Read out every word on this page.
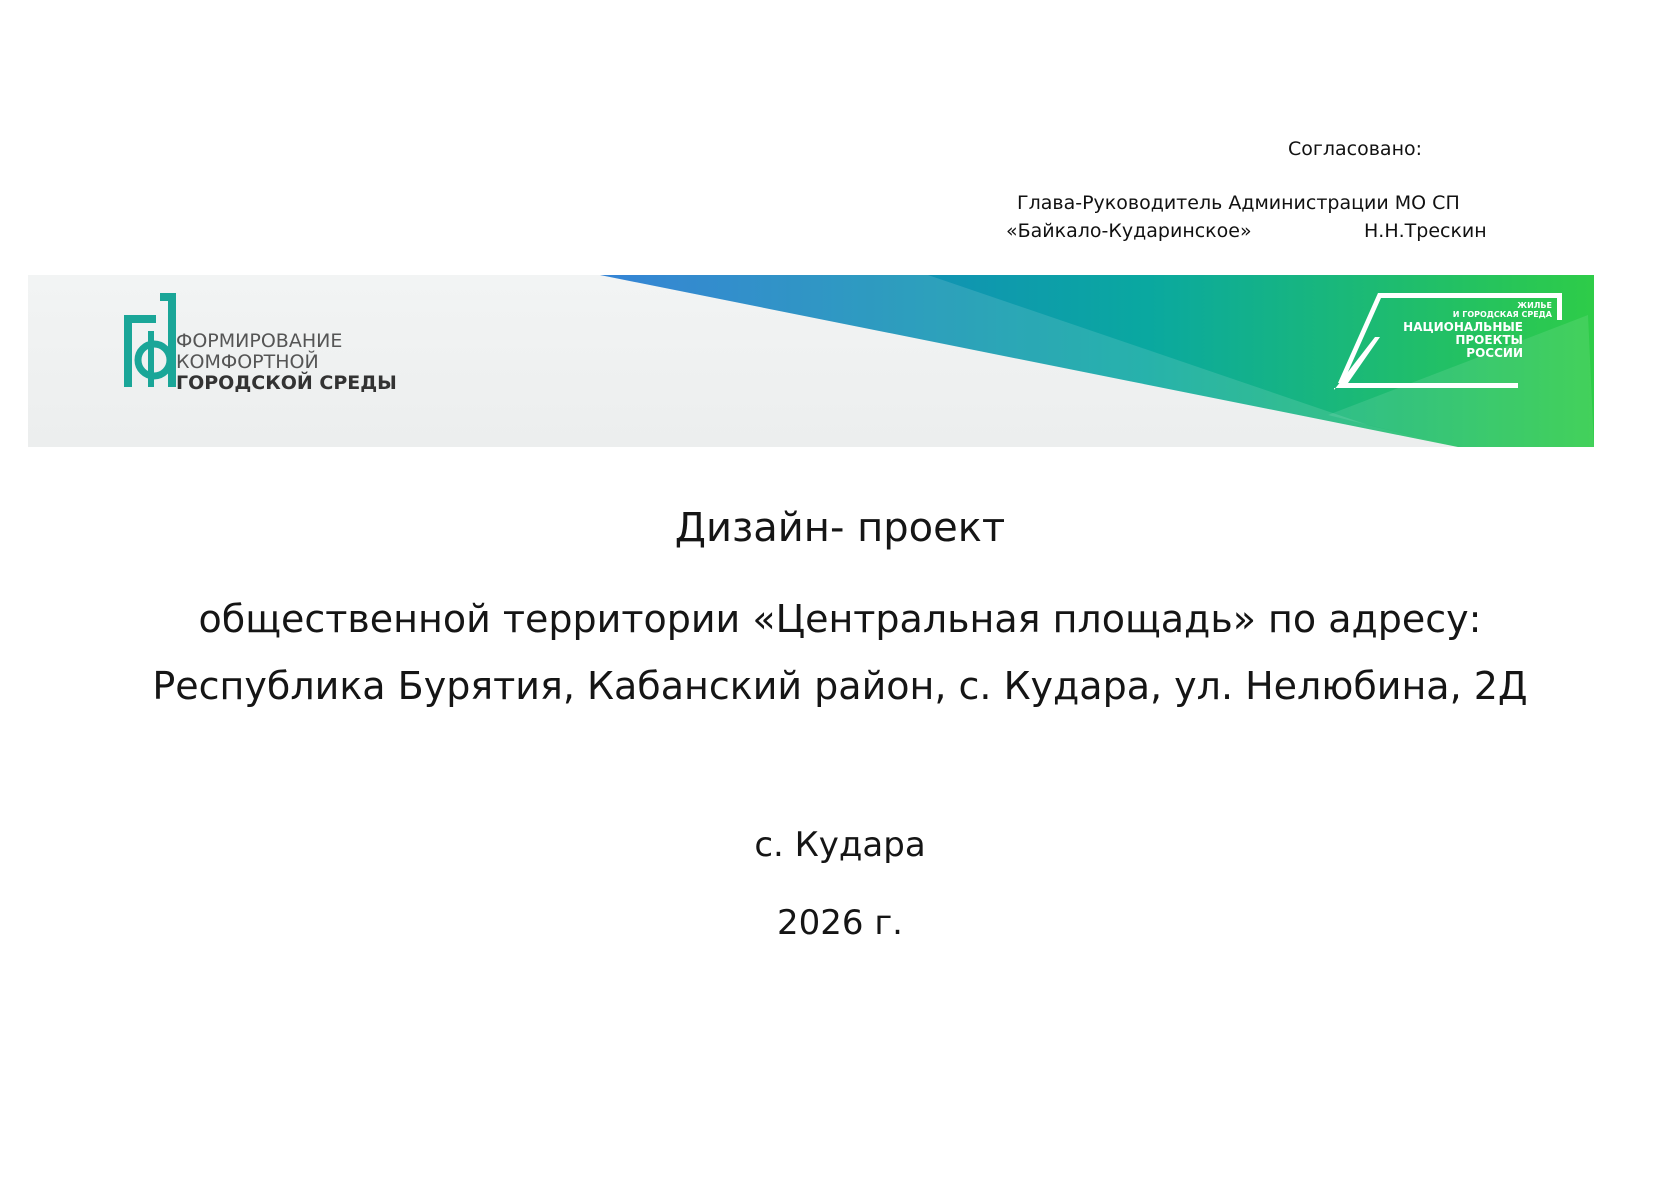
Согласовано:
Глава-Руководитель Администрации МО СП
«Байкало-Кударинское»	Н.Н.Трескин
ФОРМИРОВАНИЕ
КОМФОРТНОЙ
ГОРОДСКОЙ СРЕДЫ
ЖИЛЬЕ
И ГОРОДСКАЯ СРЕДА
НАЦИОНАЛЬНЫЕ
ПРОЕКТЫ
РОССИИ
Дизайн- проект
общественной территории «Центральная площадь» по адресу:
Республика Бурятия, Кабанский район, с. Кудара, ул. Нелюбина, 2Д
с. Кудара
2026 г.
